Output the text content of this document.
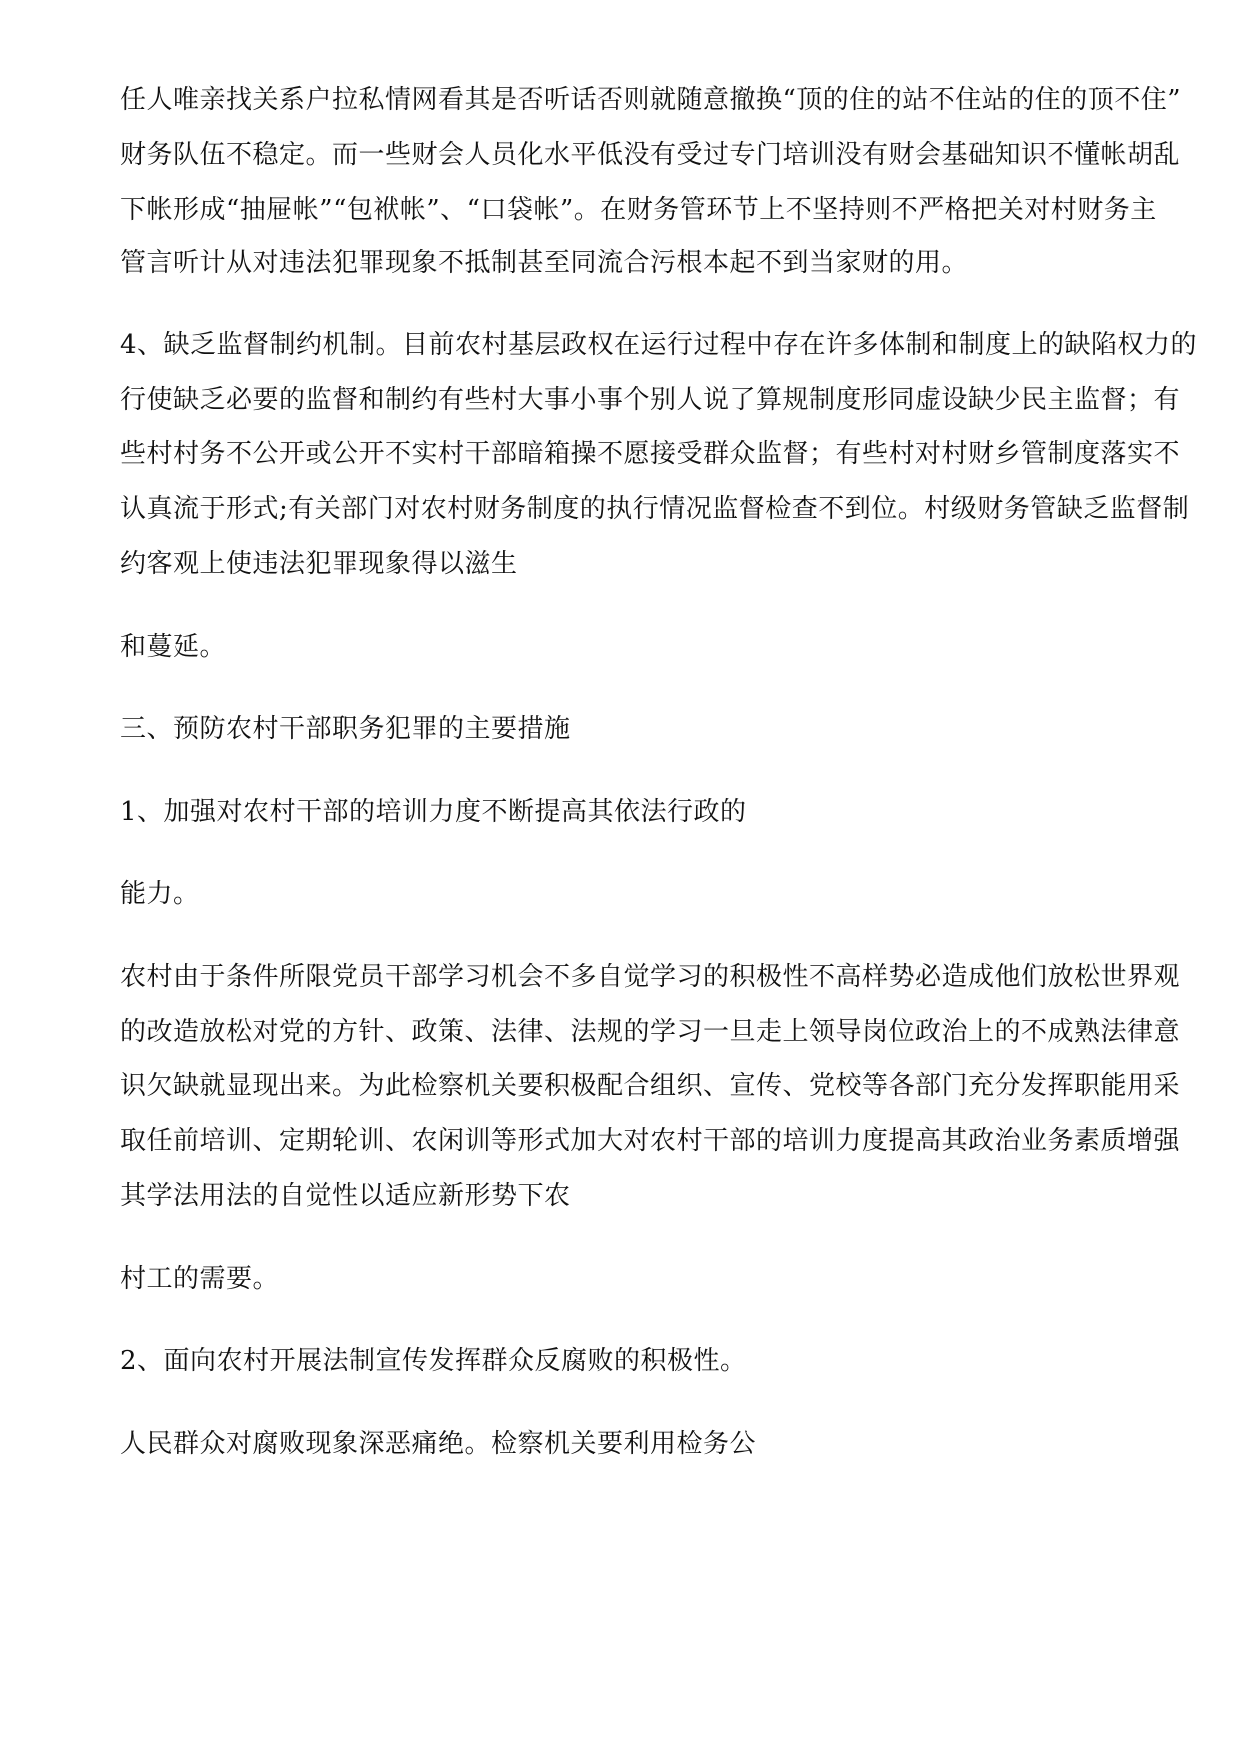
任人唯亲找关系户拉私情网看其是否听话否则就随意撤换“顶的住的站不住站的住的顶不住”
财务队伍不稳定。而一些财会人员化水平低没有受过专门培训没有财会基础知识不懂帐胡乱
下帐形成“抽屉帐”“包袱帐”、“口袋帐”。在财务管环节上不坚持则不严格把关对村财务主
管言听计从对违法犯罪现象不抵制甚至同流合污根本起不到当家财的用。
4、缺乏监督制约机制。目前农村基层政权在运行过程中存在许多体制和制度上的缺陷权力的
行使缺乏必要的监督和制约有些村大事小事个别人说了算规制度形同虚设缺少民主监督；有
些村村务不公开或公开不实村干部暗箱操不愿接受群众监督；有些村对村财乡管制度落实不
认真流于形式;有关部门对农村财务制度的执行情况监督检查不到位。村级财务管缺乏监督制
约客观上使违法犯罪现象得以滋生
和蔓延。
三、预防农村干部职务犯罪的主要措施
1、加强对农村干部的培训力度不断提高其依法行政的
能力。
农村由于条件所限党员干部学习机会不多自觉学习的积极性不高样势必造成他们放松世界观
的改造放松对党的方针、政策、法律、法规的学习一旦走上领导岗位政治上的不成熟法律意
识欠缺就显现出来。为此检察机关要积极配合组织、宣传、党校等各部门充分发挥职能用采
取任前培训、定期轮训、农闲训等形式加大对农村干部的培训力度提高其政治业务素质增强
其学法用法的自觉性以适应新形势下农
村工的需要。
2、面向农村开展法制宣传发挥群众反腐败的积极性。
人民群众对腐败现象深恶痛绝。检察机关要利用检务公
